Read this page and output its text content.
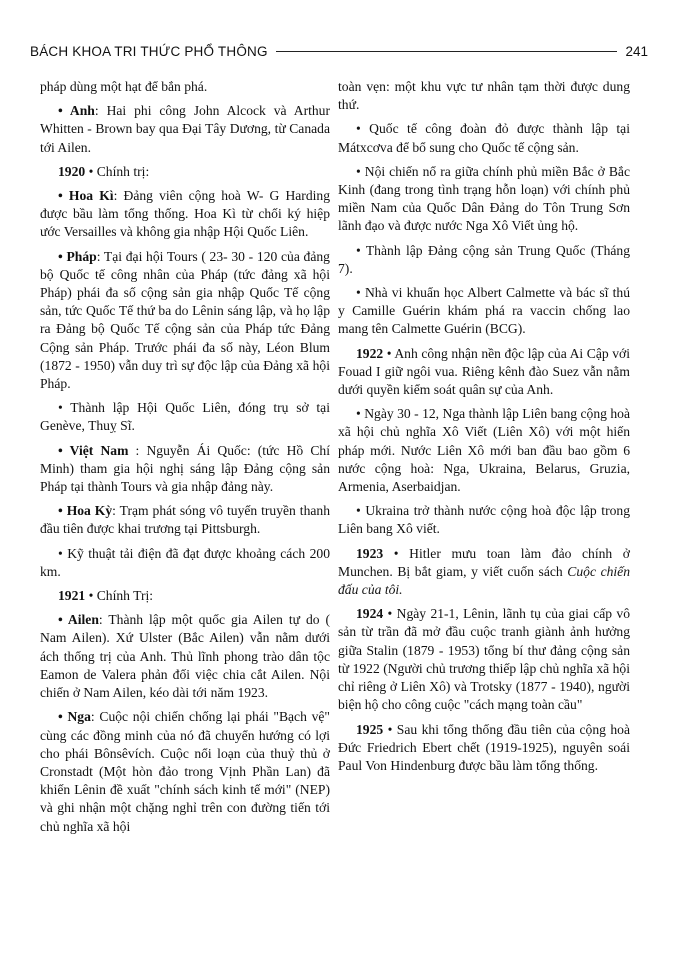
BÁCH KHOA TRI THỨC PHỔ THÔNG	241

pháp dùng một hạt để bắn phá.

• Anh: Hai phi công John Alcock và Arthur Whitten - Brown bay qua Đại Tây Dương, từ Canada tới Ailen.

1920 • Chính trị:

• Hoa Kì: Đảng viên cộng hoà W- G Harding được bầu làm tổng thống. Hoa Kì từ chối ký hiệp ước Versailles và không gia nhập Hội Quốc Liên.

• Pháp: Tại đại hội Tours ( 23- 30 - 120 của đảng bộ Quốc tế công nhân của Pháp (tức đảng xã hội Pháp) phái đa số cộng sản gia nhập Quốc Tế cộng sản, tức Quốc Tế thứ ba do Lênin sáng lập, và họ lập ra Đảng bộ Quốc Tế cộng sản của Pháp tức Đảng Cộng sản Pháp. Trước phái đa số này, Léon Blum (1872 - 1950) vẫn duy trì sự độc lập của Đảng xã hội Pháp.

• Thành lập Hội Quốc Liên, đóng trụ sở tại Genève, Thuỵ Sĩ.

• Việt Nam : Nguyễn Ái Quốc: (tức Hồ Chí Minh) tham gia hội nghị sáng lập Đảng cộng sản Pháp tại thành Tours và gia nhập đảng này.

• Hoa Kỳ: Trạm phát sóng vô tuyến truyền thanh đầu tiên được khai trương tại Pittsburgh.

• Kỹ thuật tải điện đã đạt được khoảng cách 200 km.

1921 • Chính Trị:

• Ailen: Thành lập một quốc gia Ailen tự do ( Nam Ailen). Xứ Ulster (Bắc Ailen) vẫn nằm dưới ách thống trị của Anh. Thủ lĩnh phong trào dân tộc Eamon de Valera phản đối việc chia cắt Ailen. Nội chiến ở Nam Ailen, kéo dài tới năm 1923.

• Nga: Cuộc nội chiến chống lại phái "Bạch vệ" cùng các đồng minh của nó đã chuyển hướng có lợi cho phái Bônsêvích. Cuộc nổi loạn của thuỷ thủ ở Cronstadt (Một hòn đảo trong Vịnh Phần Lan) đã khiến Lênin đề xuất "chính sách kinh tế mới" (NEP) và ghi nhận một chặng nghỉ trên con đường tiến tới chủ nghĩa xã hội

toàn vẹn: một khu vực tư nhân tạm thời được dung thứ.

• Quốc tế công đoàn đỏ được thành lập tại Mátxcơva để bổ sung cho Quốc tế cộng sản.

• Nội chiến nổ ra giữa chính phủ miền Bắc ở Bắc Kinh (đang trong tình trạng hỗn loạn) với chính phủ miền Nam của Quốc Dân Đảng do Tôn Trung Sơn lãnh đạo và được nước Nga Xô Viết ủng hộ.

• Thành lập Đảng cộng sản Trung Quốc (Tháng 7).

• Nhà vi khuẩn học Albert Calmette và bác sĩ thú y Camille Guérin khám phá ra vaccin chống lao mang tên Calmette Guérin (BCG).

1922 • Anh công nhận nền độc lập của Ai Cập với Fouad I giữ ngôi vua. Riêng kênh đào Suez vẫn nằm dưới quyền kiểm soát quân sự của Anh.

• Ngày 30 - 12, Nga thành lập Liên bang cộng hoà xã hội chủ nghĩa Xô Viết (Liên Xô) với một hiến pháp mới. Nước Liên Xô mới ban đầu bao gồm 6 nước cộng hoà: Nga, Ukraina, Belarus, Gruzia, Armenia, Aserbaidjan.

• Ukraina trở thành nước cộng hoà độc lập trong Liên bang Xô viết.

1923 • Hitler mưu toan làm đảo chính ở Munchen. Bị bắt giam, y viết cuốn sách Cuộc chiến đấu của tôi.

1924 • Ngày 21-1, Lênin, lãnh tụ của giai cấp vô sản từ trần đã mở đầu cuộc tranh giành ảnh hưởng giữa Stalin (1879 - 1953) tổng bí thư đảng cộng sản từ 1922 (Người chủ trương thiếp lập chủ nghĩa xã hội chỉ riêng ở Liên Xô) và Trotsky (1877 - 1940), người biện hộ cho công cuộc "cách mạng toàn cầu"

1925 • Sau khi tổng thống đầu tiên của cộng hoà Đức Friedrich Ebert chết (1919-1925), nguyên soái Paul Von Hindenburg được bầu làm tổng thống.
